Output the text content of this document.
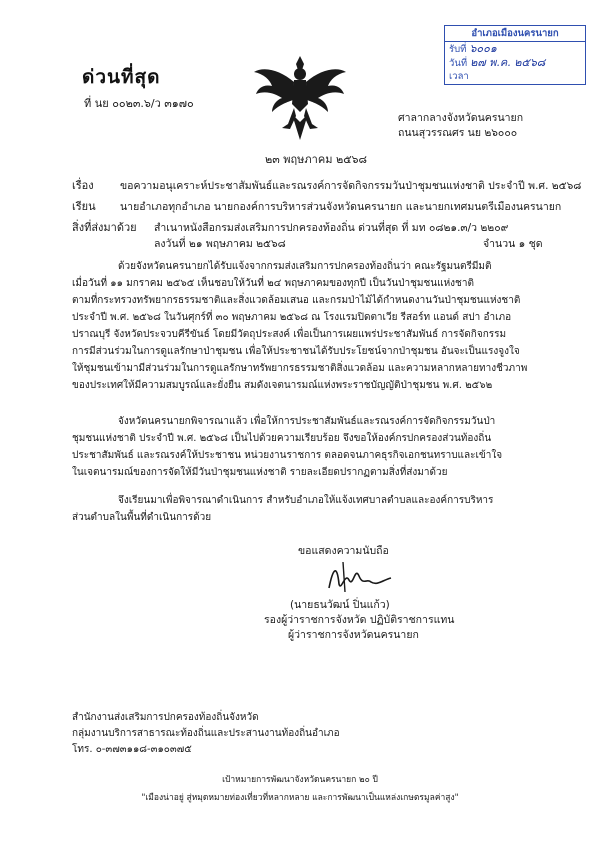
ด่วนที่สุด
ที่ นย ๐๐๒๓.๖/ว ๓๑๗๐
อำเภอเมืองนครนายก
รับที่ ๖๐๐๑
วันที่ ๒๗ พ.ค. ๒๕๖๘
เวลา
ศาลากลางจังหวัดนครนายก
ถนนสุวรรณศร นย ๒๖๐๐๐
๒๓ พฤษภาคม ๒๕๖๘
เรื่อง	ขอความอนุเคราะห์ประชาสัมพันธ์และรณรงค์การจัดกิจกรรมวันป่าชุมชนแห่งชาติ ประจำปี พ.ศ. ๒๕๖๘
เรียน นายอำเภอทุกอำเภอ นายกองค์การบริหารส่วนจังหวัดนครนายก และนายกเทศมนตรีเมืองนครนายก
สิ่งที่ส่งมาด้วย สำเนาหนังสือกรมส่งเสริมการปกครองท้องถิ่น ด่วนที่สุด ที่ มท ๐๘๒๑.๓/ว ๒๒๐๙
ลงวันที่ ๒๑ พฤษภาคม ๒๕๖๘	จำนวน ๑ ชุด
ด้วยจังหวัดนครนายกได้รับแจ้งจากกรมส่งเสริมการปกครองท้องถิ่นว่า คณะรัฐมนตรีมีมติ
เมื่อวันที่ ๑๑ มกราคม ๒๕๖๕ เห็นชอบให้วันที่ ๒๔ พฤษภาคมของทุกปี เป็นวันป่าชุมชนแห่งชาติ
ตามที่กระทรวงทรัพยากรธรรมชาติและสิ่งแวดล้อมเสนอ และกรมป่าไม้ได้กำหนดงานวันป่าชุมชนแห่งชาติ
ประจำปี พ.ศ. ๒๕๖๘ ในวันศุกร์ที่ ๓๐ พฤษภาคม ๒๕๖๘ ณ โรงแรมปิดตาเวีย รีสอร์ท แอนด์ สปา อำเภอ
ปราณบุรี จังหวัดประจวบคีรีขันธ์ โดยมีวัตถุประสงค์ เพื่อเป็นการเผยแพร่ประชาสัมพันธ์ การจัดกิจกรรม
การมีส่วนร่วมในการดูแลรักษาป่าชุมชน เพื่อให้ประชาชนได้รับประโยชน์จากป่าชุมชน อันจะเป็นแรงจูงใจ
ให้ชุมชนเข้ามามีส่วนร่วมในการดูแลรักษาทรัพยากรธรรมชาติสิ่งแวดล้อม และความหลากหลายทางชีวภาพ
ของประเทศให้มีความสมบูรณ์และยั่งยืน สมดังเจตนารมณ์แห่งพระราชบัญญัติป่าชุมชน พ.ศ. ๒๕๖๒
จังหวัดนครนายกพิจารณาแล้ว เพื่อให้การประชาสัมพันธ์และรณรงค์การจัดกิจกรรมวันป่า
ชุมชนแห่งชาติ ประจำปี พ.ศ. ๒๕๖๘ เป็นไปด้วยความเรียบร้อย จึงขอให้องค์กรปกครองส่วนท้องถิ่น
ประชาสัมพันธ์ และรณรงค์ให้ประชาชน หน่วยงานราชการ ตลอดจนภาคธุรกิจเอกชนทราบและเข้าใจ
ในเจตนารมณ์ของการจัดให้มีวันป่าชุมชนแห่งชาติ รายละเอียดปรากฏตามสิ่งที่ส่งมาด้วย
จึงเรียนมาเพื่อพิจารณาดำเนินการ สำหรับอำเภอให้แจ้งเทศบาลตำบลและองค์การบริหาร
ส่วนตำบลในพื้นที่ดำเนินการด้วย
ขอแสดงความนับถือ
(นายธนวัฒน์ ปิ่นแก้ว)
รองผู้ว่าราชการจังหวัด ปฏิบัติราชการแทน
ผู้ว่าราชการจังหวัดนครนายก
สำนักงานส่งเสริมการปกครองท้องถิ่นจังหวัด
กลุ่มงานบริการสาธารณะท้องถิ่นและประสานงานท้องถิ่นอำเภอ
โทร. ๐-๓๗๓๑๑๘-๓๑๐๓๗๕
เป้าหมายการพัฒนาจังหวัดนครนายก ๒๐ ปี
"เมืองน่าอยู่ สู่หมุดหมายท่องเที่ยวที่หลากหลาย และการพัฒนาเป็นแหล่งเกษตรมูลค่าสูง"
